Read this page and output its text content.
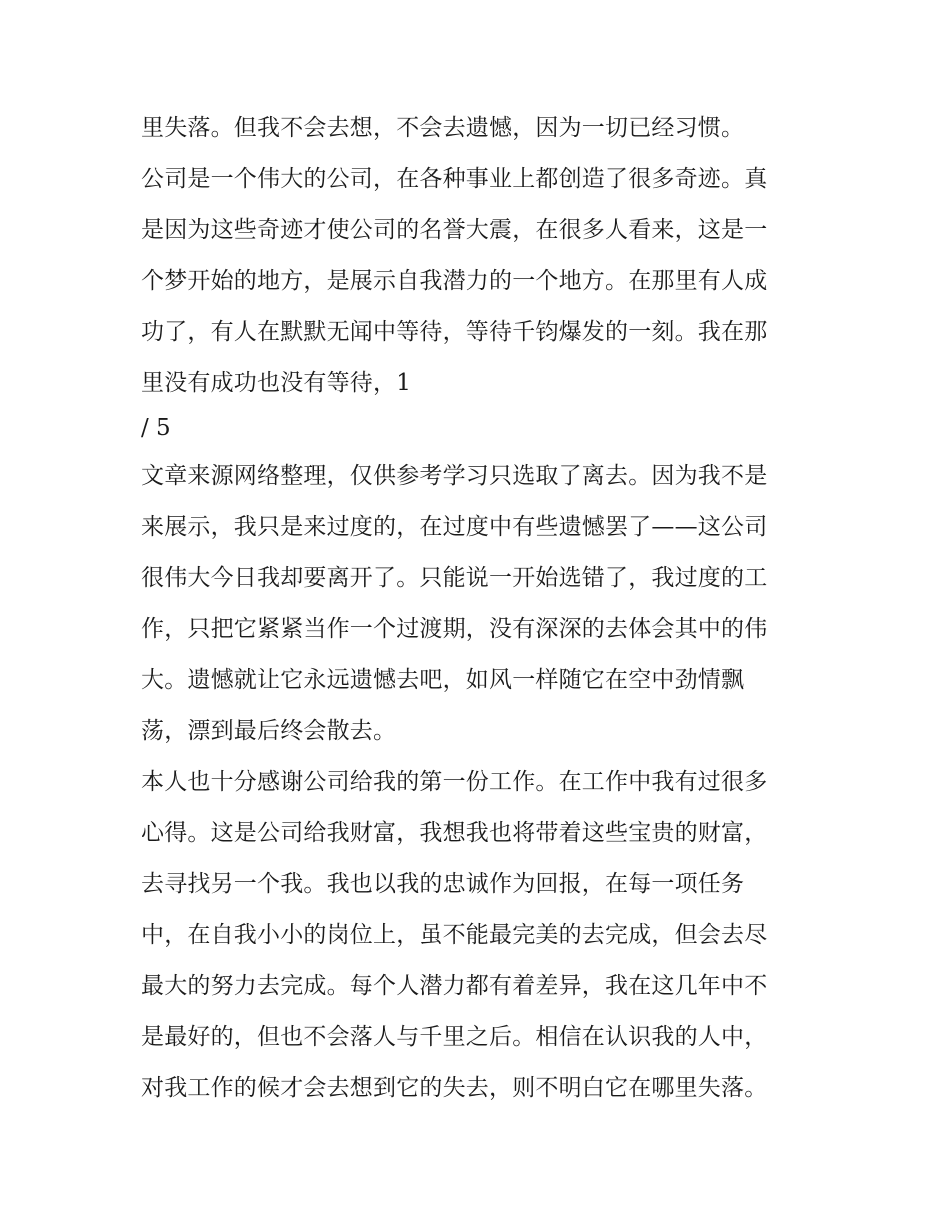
里失落。但我不会去想，不会去遗憾，因为一切已经习惯。

公司是一个伟大的公司，在各种事业上都创造了很多奇迹。真

是因为这些奇迹才使公司的名誉大震，在很多人看来，这是一

个梦开始的地方，是展示自我潜力的一个地方。在那里有人成

功了，有人在默默无闻中等待，等待千钧爆发的一刻。我在那

里没有成功也没有等待，1

/ 5

文章来源网络整理，仅供参考学习只选取了离去。因为我不是

来展示，我只是来过度的，在过度中有些遗憾罢了——这公司

很伟大今日我却要离开了。只能说一开始选错了，我过度的工

作，只把它紧紧当作一个过渡期，没有深深的去体会其中的伟

大。遗憾就让它永远遗憾去吧，如风一样随它在空中劲情飘

荡，漂到最后终会散去。

本人也十分感谢公司给我的第一份工作。在工作中我有过很多

心得。这是公司给我财富，我想我也将带着这些宝贵的财富，

去寻找另一个我。我也以我的忠诚作为回报，在每一项任务

中，在自我小小的岗位上，虽不能最完美的去完成，但会去尽

最大的努力去完成。每个人潜力都有着差异，我在这几年中不

是最好的，但也不会落人与千里之后。相信在认识我的人中，

对我工作的候才会去想到它的失去，则不明白它在哪里失落。
